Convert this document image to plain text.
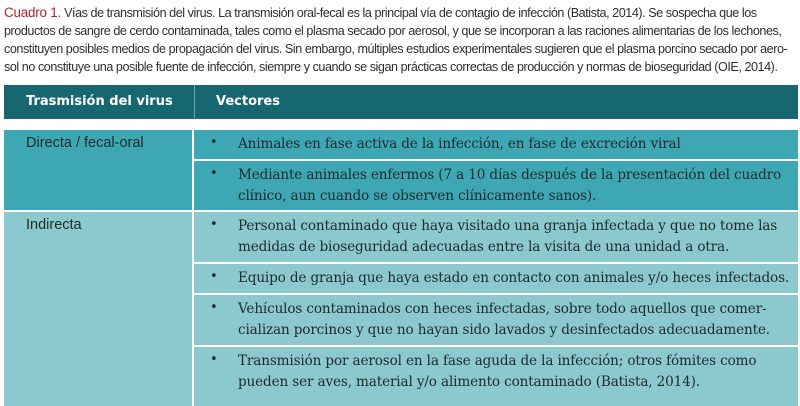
Cuadro 1. Vías de transmisión del virus. La transmisión oral-fecal es la principal vía de contagio de infección (Batista, 2014). Se sospecha que los
productos de sangre de cerdo contaminada, tales como el plasma secado por aerosol, y que se incorporan a las raciones alimentarias de los lechones,
constituyen posibles medios de propagación del virus. Sin embargo, múltiples estudios experimentales sugieren que el plasma porcino secado por aero-
sol no constituye una posible fuente de infección, siempre y cuando se sigan prácticas correctas de producción y normas de bioseguridad (OIE, 2014).
Trasmisión del virus	Vectores
Directa / fecal-oral	• Animales en fase activa de la infección, en fase de excreción viral
• Mediante animales enfermos (7 a 10 días después de la presentación del cuadro
clínico, aun cuando se observen clínicamente sanos).
Indirecta	• Personal contaminado que haya visitado una granja infectada y que no tome las
medidas de bioseguridad adecuadas entre la visita de una unidad a otra.
• Equipo de granja que haya estado en contacto con animales y/o heces infectados.
• Vehículos contaminados con heces infectadas, sobre todo aquellos que comer-
cializan porcinos y que no hayan sido lavados y desinfectados adecuadamente.
• Transmisión por aerosol en la fase aguda de la infección; otros fómites como
pueden ser aves, material y/o alimento contaminado (Batista, 2014).
